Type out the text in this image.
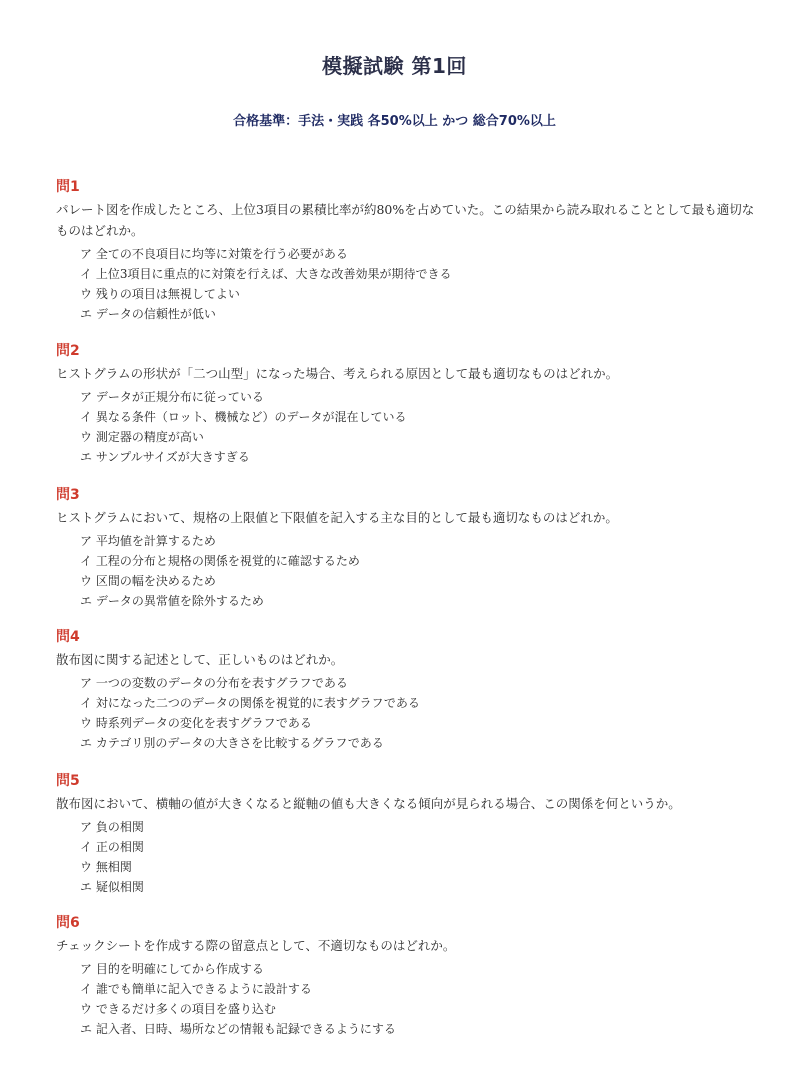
模擬試験 第1回
合格基準：手法・実践 各50%以上 かつ 総合70%以上
問1
パレート図を作成したところ、上位3項目の累積比率が約80%を占めていた。この結果から読み取れることとして最も適切なものはどれか。
ア 全ての不良項目に均等に対策を行う必要がある
イ 上位3項目に重点的に対策を行えば、大きな改善効果が期待できる
ウ 残りの項目は無視してよい
エ データの信頼性が低い
問2
ヒストグラムの形状が「二つ山型」になった場合、考えられる原因として最も適切なものはどれか。
ア データが正規分布に従っている
イ 異なる条件（ロット、機械など）のデータが混在している
ウ 測定器の精度が高い
エ サンプルサイズが大きすぎる
問3
ヒストグラムにおいて、規格の上限値と下限値を記入する主な目的として最も適切なものはどれか。
ア 平均値を計算するため
イ 工程の分布と規格の関係を視覚的に確認するため
ウ 区間の幅を決めるため
エ データの異常値を除外するため
問4
散布図に関する記述として、正しいものはどれか。
ア 一つの変数のデータの分布を表すグラフである
イ 対になった二つのデータの関係を視覚的に表すグラフである
ウ 時系列データの変化を表すグラフである
エ カテゴリ別のデータの大きさを比較するグラフである
問5
散布図において、横軸の値が大きくなると縦軸の値も大きくなる傾向が見られる場合、この関係を何というか。
ア 負の相関
イ 正の相関
ウ 無相関
エ 疑似相関
問6
チェックシートを作成する際の留意点として、不適切なものはどれか。
ア 目的を明確にしてから作成する
イ 誰でも簡単に記入できるように設計する
ウ できるだけ多くの項目を盛り込む
エ 記入者、日時、場所などの情報も記録できるようにする
